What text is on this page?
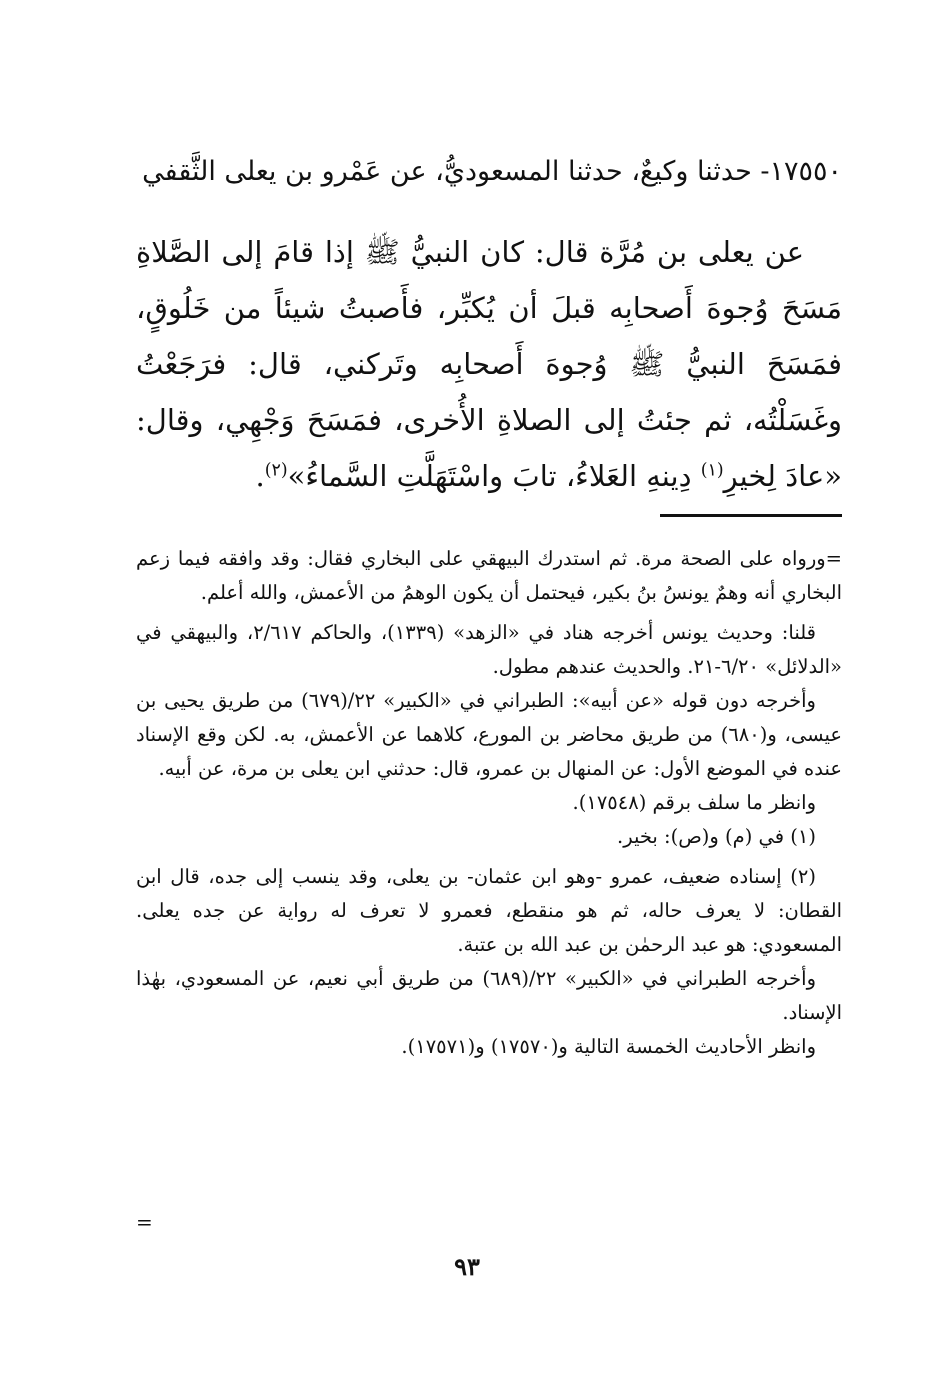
١٧٥٥٠- حدثنا وكيعٌ، حدثنا المسعوديُّ، عن عَمْرو بن يعلى الثَّقفي

عن يعلى بن مُرَّة قال: كان النبيُّ ﷺ إذا قامَ إلى الصَّلاةِ مَسَحَ وُجوهَ أَصحابِه قبلَ أن يُكبِّر، فأَصبتُ شيئاً من خَلُوقٍ، فمَسَحَ النبيُّ ﷺ وُجوهَ أَصحابِه وتَركني، قال: فرَجَعْتُ وغَسَلْتُه، ثم جئتُ إلى الصلاةِ الأُخرى، فمَسَحَ وَجْهِي، وقال: «عادَ لِخيرِ$^{(١)}$ دِينهِ العَلاءُ، تابَ واسْتَهَلَّتِ السَّماءُ»$^{(٢)}$.

=ورواه على الصحة مرة. ثم استدرك البيهقي على البخاري فقال: وقد وافقه فيما زعم البخاري أنه وهمٌ يونسُ بنُ بكير، فيحتمل أن يكون الوهمُ من الأعمش، والله أعلم.

قلنا: وحديث يونس أخرجه هناد في «الزهد» (١٣٣٩)، والحاكم ٢/٦١٧، والبيهقي في «الدلائل» ٦/٢٠-٢١. والحديث عندهم مطول.

وأخرجه دون قوله «عن أبيه»: الطبراني في «الكبير» ٢٢/(٦٧٩) من طريق يحيى بن عيسى، و(٦٨٠) من طريق محاضر بن المورع، كلاهما عن الأعمش، به. لكن وقع الإسناد عنده في الموضع الأول: عن المنهال بن عمرو، قال: حدثني ابن يعلى بن مرة، عن أبيه.

وانظر ما سلف برقم (١٧٥٤٨).

(١) في (م) و(ص): بخير.

(٢) إسناده ضعيف، عمرو -وهو ابن عثمان- بن يعلى، وقد ينسب إلى جده، قال ابن القطان: لا يعرف حاله، ثم هو منقطع، فعمرو لا تعرف له رواية عن جده يعلى. المسعودي: هو عبد الرحمٰن بن عبد الله بن عتبة.

وأخرجه الطبراني في «الكبير» ٢٢/(٦٨٩) من طريق أبي نعيم، عن المسعودي، بهٰذا الإسناد.

وانظر الأحاديث الخمسة التالية و(١٧٥٧٠) و(١٧٥٧١).

=
٩٣
